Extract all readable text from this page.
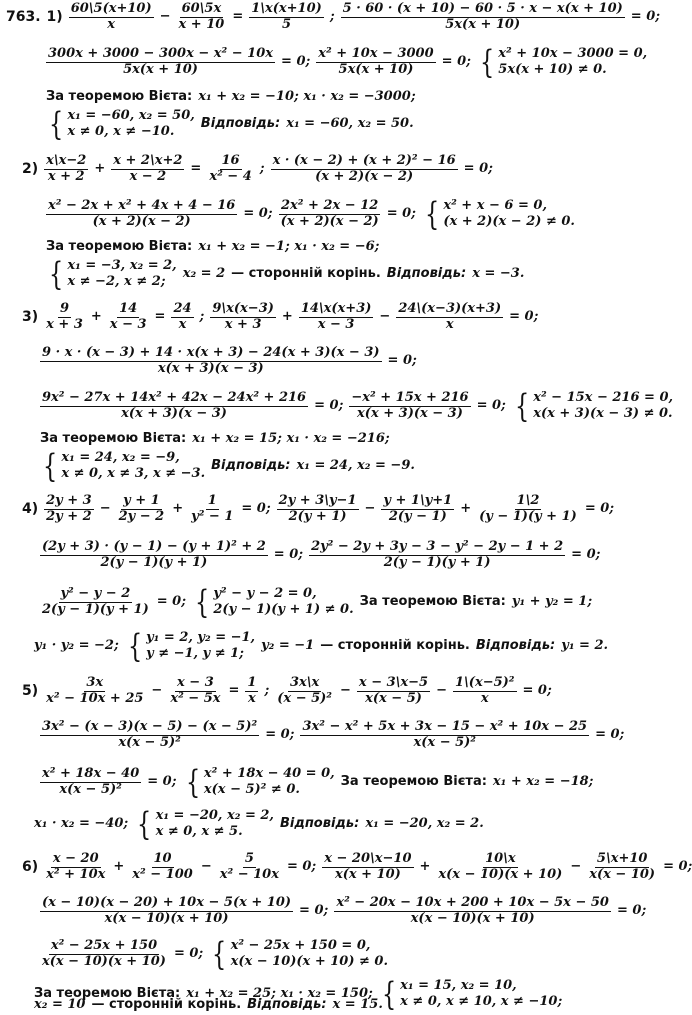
763. 1)
60\5(x+10)
x
− $\frac{60\backslash 5x}{x + 10} = \frac{1\backslash x(x+10)}{5}$ ; $\frac{5 \cdot 60 \cdot (x + 10) - 60 \cdot 5 \cdot x - x(x + 10)}{5x(x + 10)} = 0$;
$\frac{\text{300x + 3000 − 300x − x² − 10x}}{5x(x + 10)} = 0$; $\frac{\text{x² + 10x − 3000}}{5x(x + 10)} = 0$; { x² + 10x − 3000 = 0,
5x(x + 10) ≠ 0.
За теоремою Вієта: x₁ + x₂ = −10; x₁ · x₂ = −3000;
{ x₁ = −60, x₂ = 50,
x ≠ 0, x ≠ −10.
Відповідь: x₁ = −60, x₂ = 50.
2)
x\x−2
x + 2
+ $\frac{x + 2\backslash x+2}{x - 2} = \frac{16}{\text{x² − 4}}$ ; $\frac{\text{x · (x − 2) + (x + 2)² − 16}}{(x + 2)(x - 2)} = 0$;
$\frac{\text{x² − 2x + x² + 4x + 4 − 16}}{(x + 2)(x - 2)} = 0$; $\frac{\text{2x² + 2x − 12}}{(x + 2)(x - 2)} = 0$; { x² + x − 6 = 0,
(x + 2)(x − 2) ≠ 0.
За теоремою Вієта: x₁ + x₂ = −1; x₁ · x₂ = −6;
{ x₁ = −3, x₂ = 2,
x ≠ −2, x ≠ 2;
x₂ = 2 — сторонній корінь. Відповідь: x = −3.
3)
9
x + 3
+ $\frac{14}{x - 3} = \frac{24}{x}$ ;
9\x(x−3)
x + 3
+ $\frac{14\backslash x(x+3)}{x - 3} - \frac{24\backslash(x-3)(x+3)}{x} = 0$;
$\frac{9 \cdot x \cdot (x - 3) + 14 \cdot x(x + 3) - 24(x + 3)(x - 3)}{x(x + 3)(x - 3)} = 0$;
$\frac{\text{9x² − 27x + 14x² + 42x − 24x² + 216}}{x(x + 3)(x - 3)} = 0$; $\frac{\text{−x² + 15x + 216}}{x(x + 3)(x - 3)} = 0$; { x² − 15x − 216 = 0,
x(x + 3)(x − 3) ≠ 0.
За теоремою Вієта: x₁ + x₂ = 15; x₁ · x₂ = −216;
{ x₁ = 24, x₂ = −9,
x ≠ 0, x ≠ 3, x ≠ −3.
Відповідь: x₁ = 24, x₂ = −9.
4)
2y + 3
2y + 2
− $\frac{y + 1}{2y - 2} + \frac{1}{\text{y² − 1}} = 0$;
2y + 3\y−1
2(y + 1)
− $\frac{y + 1\backslash y+1}{2(y - 1)} + \frac{1\backslash 2}{(y - 1)(y + 1)} = 0$;
$\frac{\text{(2y + 3) · (y − 1) − (y + 1)² + 2}}{2(y - 1)(y + 1)} = 0$; $\frac{\text{2y² − 2y + 3y − 3 − y² − 2y − 1 + 2}}{2(y - 1)(y + 1)} = 0$;
$\frac{\text{y² − y − 2}}{2(y - 1)(y + 1)} = 0$; { y² − y − 2 = 0,
2(y − 1)(y + 1) ≠ 0.
За теоремою Вієта: y₁ + y₂ = 1;
y₁ · y₂ = −2; { y₁ = 2, y₂ = −1,
y ≠ −1, y ≠ 1;
y₂ = −1 — сторонній корінь. Відповідь: y₁ = 2.
5)
3x
x² − 10x + 25
− $\frac{x - 3}{\text{x² − 5x}} = \frac{1}{x}$ ;
3x\x
(x − 5)²
− $\frac{x - 3\backslash x-5}{x(x - 5)} - \frac{\text{1\textbackslash{}(x−5)²}}{x} = 0$;
$\frac{\text{3x² − (x − 3)(x − 5) − (x − 5)²}}{\text{x(x − 5)²}} = 0$; $\frac{\text{3x² − x² + 5x + 3x − 15 − x² + 10x − 25}}{\text{x(x − 5)²}} = 0$;
$\frac{\text{x² + 18x − 40}}{\text{x(x − 5)²}} = 0$; { x² + 18x − 40 = 0,
x(x − 5)² ≠ 0.
За теоремою Вієта: x₁ + x₂ = −18;
x₁ · x₂ = −40; { x₁ = −20, x₂ = 2,
x ≠ 0, x ≠ 5.
Відповідь: x₁ = −20, x₂ = 2.
6)
x − 20
x² + 10x
+ $\frac{10}{\text{x² − 100}} - \frac{5}{\text{x² − 10x}} = 0$;
x − 20\x−10
x(x + 10)
+ $\frac{10\backslash x}{x(x - 10)(x + 10)} - \frac{5\backslash x+10}{x(x - 10)} = 0$;
$\frac{(x - 10)(x - 20) + 10x - 5(x + 10)}{x(x - 10)(x + 10)} = 0$; $\frac{\text{x² − 20x − 10x + 200 + 10x − 5x − 50}}{x(x - 10)(x + 10)} = 0$;
$\frac{\text{x² − 25x + 150}}{x(x - 10)(x + 10)} = 0$; { x² − 25x + 150 = 0,
x(x − 10)(x + 10) ≠ 0.
За теоремою Вієта: x₁ + x₂ = 25; x₁ · x₂ = 150; { x₁ = 15, x₂ = 10,
x ≠ 0, x ≠ 10, x ≠ −10;
x₂ = 10 — сторонній корінь. Відповідь: x = 15.
